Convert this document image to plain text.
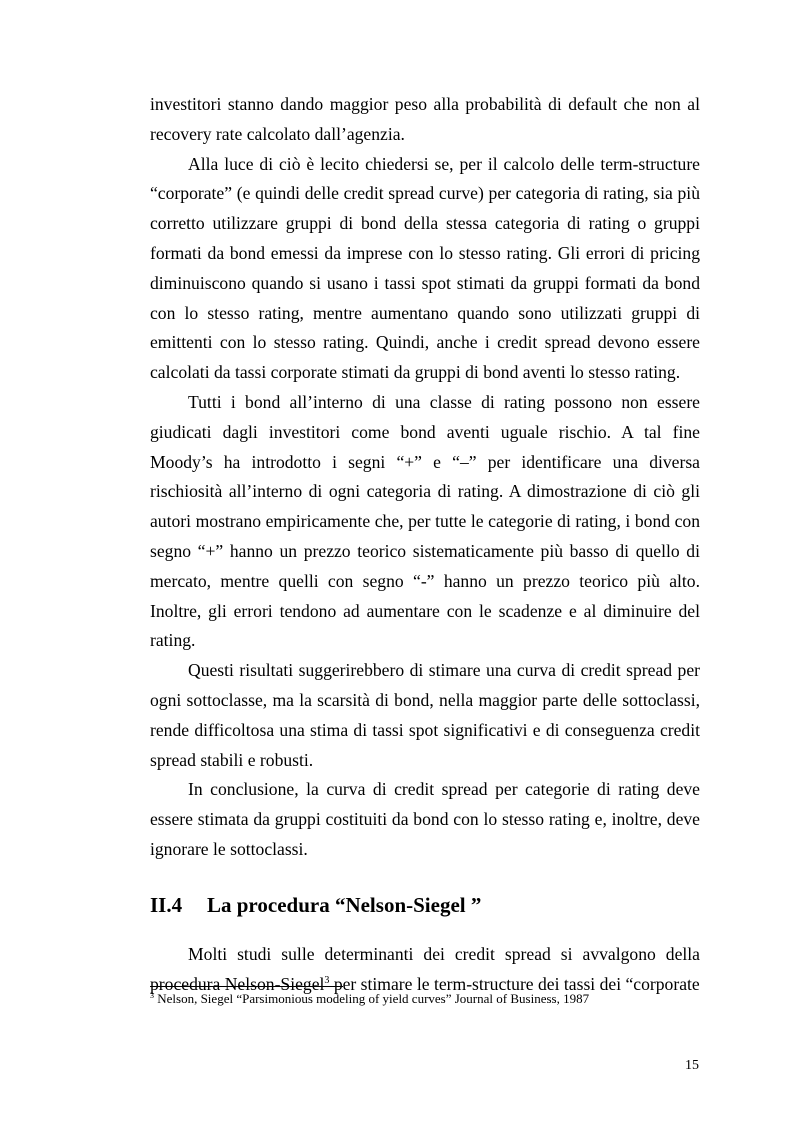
investitori stanno dando maggior peso alla probabilità di default che non al recovery rate calcolato dall’agenzia.

Alla luce di ciò è lecito chiedersi se, per il calcolo delle term-structure “corporate” (e quindi delle credit spread curve) per categoria di rating, sia più corretto utilizzare gruppi di bond della stessa categoria di rating o gruppi formati da bond emessi da imprese con lo stesso rating. Gli errori di pricing diminuiscono quando si usano i tassi spot stimati da gruppi formati da bond con lo stesso rating, mentre aumentano quando sono utilizzati gruppi di emittenti con lo stesso rating. Quindi, anche i credit spread devono essere calcolati da tassi corporate stimati da gruppi di bond aventi lo stesso rating.

Tutti i bond all’interno di una classe di rating possono non essere giudicati dagli investitori come bond aventi uguale rischio. A tal fine Moody’s ha introdotto i segni “+” e “–” per identificare una diversa rischiosità all’interno di ogni categoria di rating. A dimostrazione di ciò gli autori mostrano empiricamente che, per tutte le categorie di rating, i bond con segno “+” hanno un prezzo teorico sistematicamente più basso di quello di mercato, mentre quelli con segno “-” hanno un prezzo teorico più alto. Inoltre, gli errori tendono ad aumentare con le scadenze e al diminuire del rating.

Questi risultati suggerirebbero di stimare una curva di credit spread per ogni sottoclasse, ma la scarsità di bond, nella maggior parte delle sottoclassi, rende difficoltosa una stima di tassi spot significativi e di conseguenza credit spread stabili e robusti.

In conclusione, la curva di credit spread per categorie di rating deve essere stimata da gruppi costituiti da bond con lo stesso rating e, inoltre, deve ignorare le sottoclassi.

II.4 La procedura “Nelson-Siegel ”

Molti studi sulle determinanti dei credit spread si avvalgono della procedura Nelson-Siegel$^3$ per stimare le term-structure dei tassi dei “corporate

$^3$ Nelson, Siegel “Parsimonious modeling of yield curves” Journal of Business, 1987
15
